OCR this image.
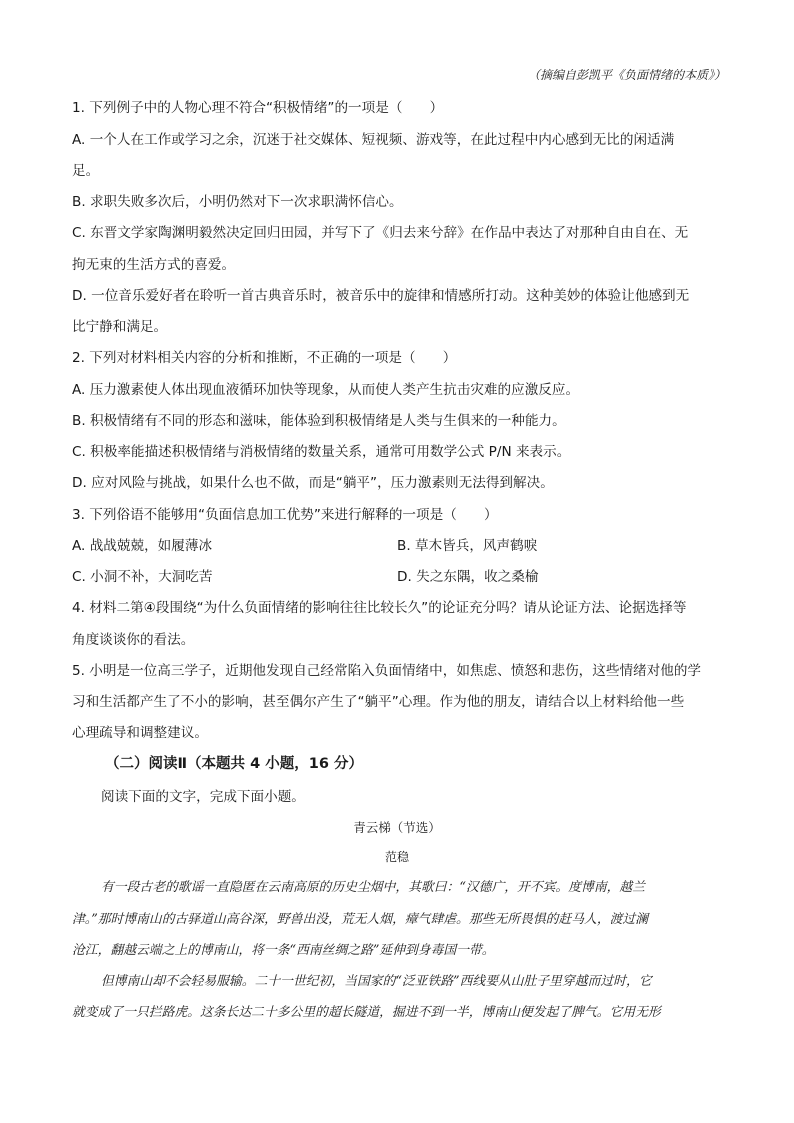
（摘编自彭凯平《负面情绪的本质》）
1. 下列例子中的人物心理不符合“积极情绪”的一项是（　　）
A. 一个人在工作或学习之余，沉迷于社交媒体、短视频、游戏等，在此过程中内心感到无比的闲适满
足。
B. 求职失败多次后，小明仍然对下一次求职满怀信心。
C. 东晋文学家陶渊明毅然决定回归田园，并写下了《归去来兮辞》在作品中表达了对那种自由自在、无
拘无束的生活方式的喜爱。
D. 一位音乐爱好者在聆听一首古典音乐时，被音乐中的旋律和情感所打动。这种美妙的体验让他感到无
比宁静和满足。
2. 下列对材料相关内容的分析和推断，不正确的一项是（　　）
A. 压力激素使人体出现血液循环加快等现象，从而使人类产生抗击灾难的应激反应。
B. 积极情绪有不同的形态和滋味，能体验到积极情绪是人类与生俱来的一种能力。
C. 积极率能描述积极情绪与消极情绪的数量关系，通常可用数学公式 P/N 来表示。
D. 应对风险与挑战，如果什么也不做，而是“躺平”，压力激素则无法得到解决。
3. 下列俗语不能够用“负面信息加工优势”来进行解释的一项是（　　）
A. 战战兢兢，如履薄冰	B. 草木皆兵，风声鹤唳
C. 小洞不补，大洞吃苦	D. 失之东隅，收之桑榆
4. 材料二第④段围绕“为什么负面情绪的影响往往比较长久”的论证充分吗？请从论证方法、论据选择等
角度谈谈你的看法。
5. 小明是一位高三学子，近期他发现自己经常陷入负面情绪中，如焦虑、愤怒和悲伤，这些情绪对他的学
习和生活都产生了不小的影响，甚至偶尔产生了“躺平”心理。作为他的朋友，请结合以上材料给他一些
心理疏导和调整建议。
（二）阅读Ⅱ（本题共 4 小题，16 分）
阅读下面的文字，完成下面小题。
青云梯（节选）
范稳
有一段古老的歌谣一直隐匿在云南高原的历史尘烟中，其歌曰：“汉德广，开不宾。度博南，越兰
津。”那时博南山的古驿道山高谷深，野兽出没，荒无人烟，瘴气肆虐。那些无所畏惧的赶马人，渡过澜
沧江，翻越云端之上的博南山，将一条“西南丝绸之路”延伸到身毒国一带。
但博南山却不会轻易服输。二十一世纪初，当国家的“泛亚铁路”西线要从山肚子里穿越而过时，它
就变成了一只拦路虎。这条长达二十多公里的超长隧道，掘进不到一半，博南山便发起了脾气。它用无形
